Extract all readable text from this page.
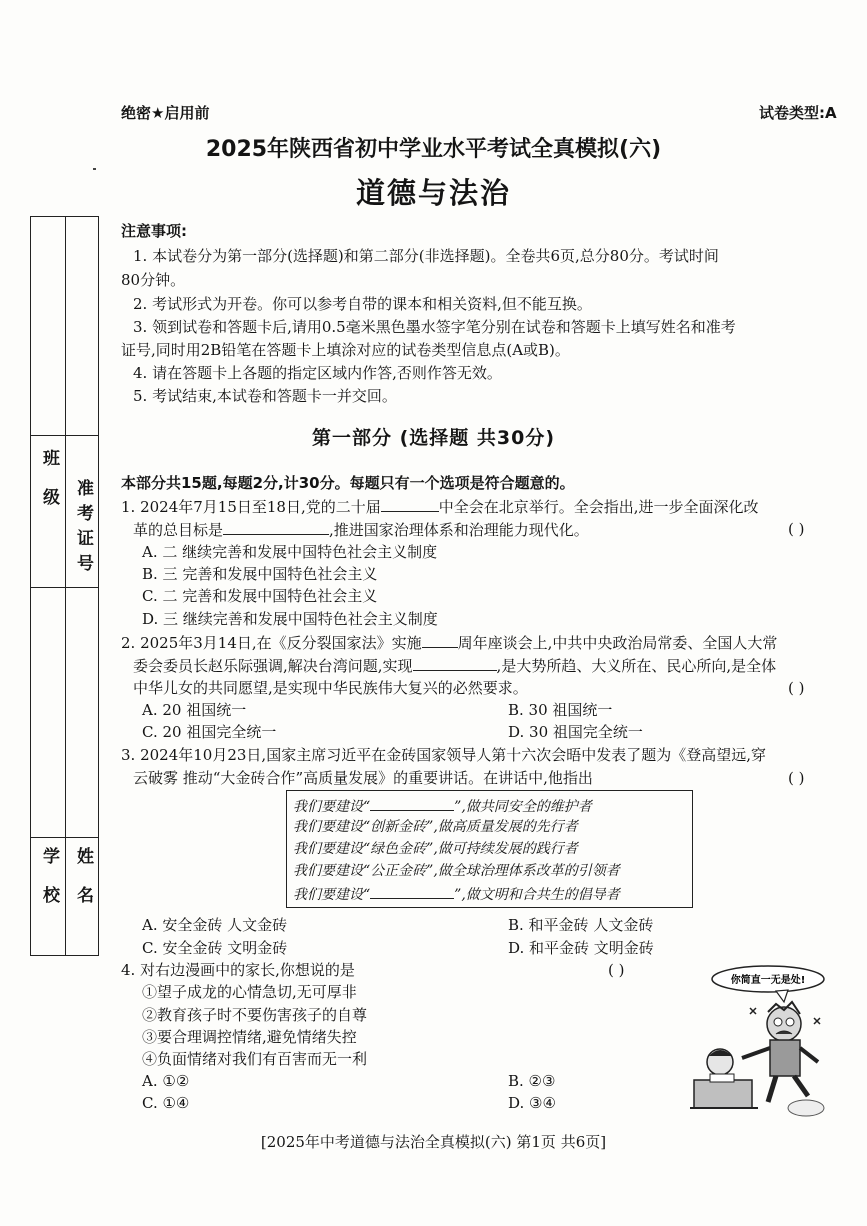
绝密★启用前	试卷类型:A
2025年陕西省初中学业水平考试全真模拟(六)
道德与法治
班 级 准考证号
学 校 姓 名
注意事项:
1. 本试卷分为第一部分(选择题)和第二部分(非选择题)。全卷共6页,总分80分。考试时间
80分钟。
2. 考试形式为开卷。你可以参考自带的课本和相关资料,但不能互换。
3. 领到试卷和答题卡后,请用0.5毫米黑色墨水签字笔分别在试卷和答题卡上填写姓名和准考
证号,同时用2B铅笔在答题卡上填涂对应的试卷类型信息点(A或B)。
4. 请在答题卡上各题的指定区域内作答,否则作答无效。
5. 考试结束,本试卷和答题卡一并交回。
第一部分 (选择题 共30分)
本部分共15题,每题2分,计30分。每题只有一个选项是符合题意的。
1. 2024年7月15日至18日,党的二十届	中全会在北京举行。全会指出,进一步全面深化改
革的总目标是	,推进国家治理体系和治理能力现代化。	( )
A. 二 继续完善和发展中国特色社会主义制度
B. 三 完善和发展中国特色社会主义
C. 二 完善和发展中国特色社会主义
D. 三 继续完善和发展中国特色社会主义制度
2. 2025年3月14日,在《反分裂国家法》实施 周年座谈会上,中共中央政治局常委、全国人大常
委会委员长赵乐际强调,解决台湾问题,实现	,是大势所趋、大义所在、民心所向,是全体
中华儿女的共同愿望,是实现中华民族伟大复兴的必然要求。	( )
A. 20 祖国统一	B. 30 祖国统一
C. 20 祖国完全统一	D. 30 祖国完全统一
3. 2024年10月23日,国家主席习近平在金砖国家领导人第十六次会晤中发表了题为《登高望远,穿
云破雾 推动“大金砖合作”高质量发展》的重要讲话。在讲话中,他指出	( )
我们要建设“	”,做共同安全的维护者
我们要建设“创新金砖”,做高质量发展的先行者
我们要建设“绿色金砖”,做可持续发展的践行者
我们要建设“公正金砖”,做全球治理体系改革的引领者
我们要建设“	”,做文明和合共生的倡导者
A. 安全金砖 人文金砖	B. 和平金砖 人文金砖
C. 安全金砖 文明金砖	D. 和平金砖 文明金砖
4. 对右边漫画中的家长,你想说的是	( )
①望子成龙的心情急切,无可厚非
②教育孩子时不要伤害孩子的自尊
③要合理调控情绪,避免情绪失控
④负面情绪对我们有百害而无一利
A. ①②	B. ②③
C. ①④	D. ③④
你简直一无是处!
[2025年中考道德与法治全真模拟(六) 第1页 共6页]
